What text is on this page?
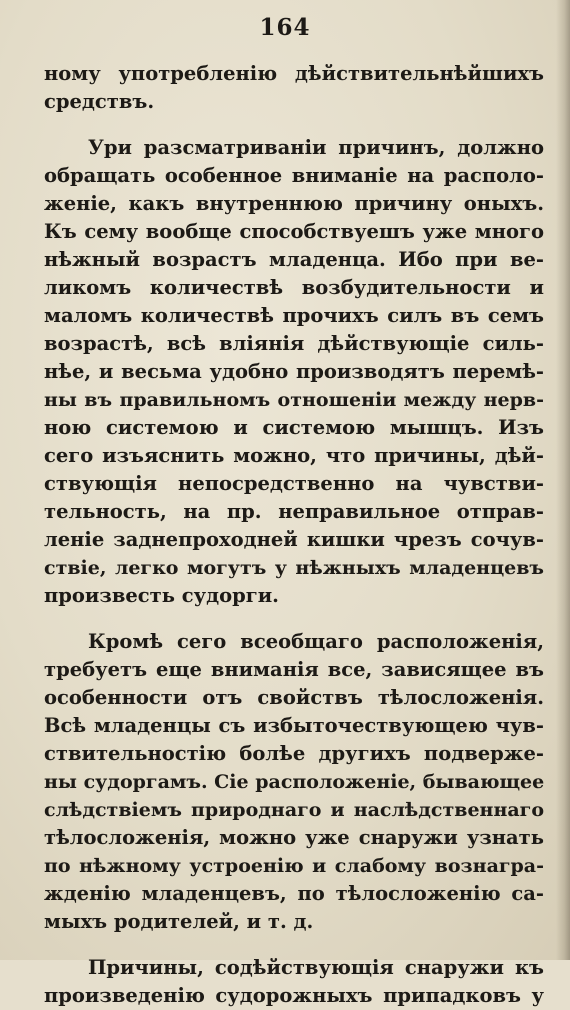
164
ному употребленію дѣйствительнѣйшихъ
средствъ.
Ури разсматриваніи причинъ, должно
обращать особенное вниманіе на располо-
женіе, какъ внутреннюю причину оныхъ.
Къ сему вообще способствуешъ уже много
нѣжный возрастъ младенца. Ибо при ве-
ликомъ количествѣ возбудительности и
маломъ количествѣ прочихъ силъ въ семъ
возрастѣ, всѣ вліянія дѣйствующіе силь-
нѣе, и весьма удобно производятъ перемѣ-
ны въ правильномъ отношеніи между нерв-
ною системою и системою мышцъ. Изъ
сего изъяснить можно, что причины, дѣй-
ствующія непосредственно на чувстви-
тельность, на пр. неправильное отправ-
леніе заднепроходней кишки чрезъ сочув-
ствіе, легко могутъ у нѣжныхъ младенцевъ
произвесть судорги.
Кромѣ сего всеобщаго расположенія,
требуетъ еще вниманія все, зависящее въ
особенности отъ свойствъ тѣлосложенія.
Всѣ младенцы съ избыточествующею чув-
ствительностію болѣе другихъ подвержe-
ны судоргамъ. Сіе расположеніе, бывающее
слѣдствіемъ природнаго и наслѣдственнаго
тѣлосложенія, можно уже снаружи узнать
по нѣжному устроенію и слабому вознагра-
жденію младенцевъ, по тѣлосложенію са-
мыхъ родителей, и т. д.
Причины, содѣйствующія снаружи къ
произведенію судорожныхъ припадковъ у
